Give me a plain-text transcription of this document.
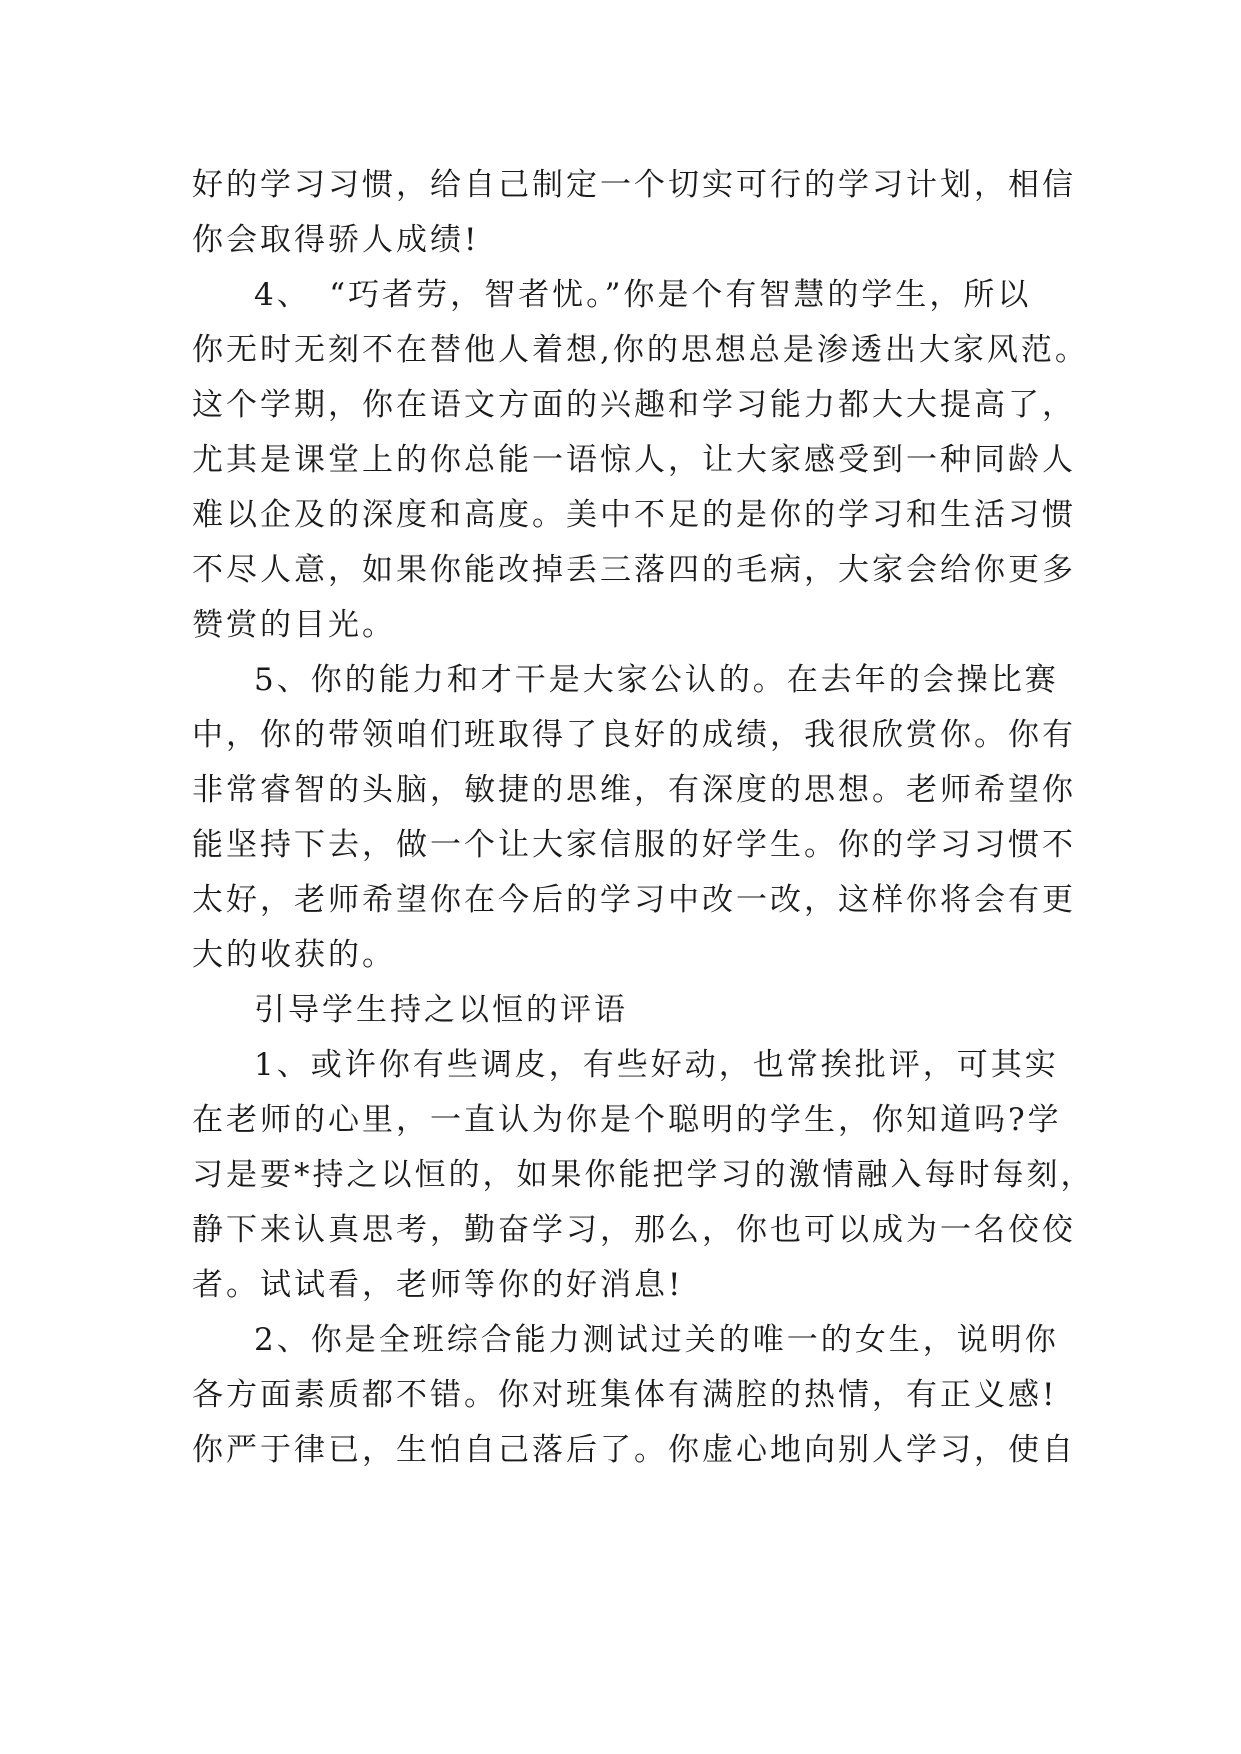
好的学习习惯，给自己制定一个切实可行的学习计划，相信
你会取得骄人成绩!
4、　“巧者劳，智者忧。”你是个有智慧的学生，所以
你无时无刻不在替他人着想,你的思想总是渗透出大家风范。
这个学期，你在语文方面的兴趣和学习能力都大大提高了，
尤其是课堂上的你总能一语惊人，让大家感受到一种同龄人
难以企及的深度和高度。美中不足的是你的学习和生活习惯
不尽人意，如果你能改掉丢三落四的毛病，大家会给你更多
赞赏的目光。
5、你的能力和才干是大家公认的。在去年的会操比赛
中，你的带领咱们班取得了良好的成绩，我很欣赏你。你有
非常睿智的头脑，敏捷的思维，有深度的思想。老师希望你
能坚持下去，做一个让大家信服的好学生。你的学习习惯不
太好，老师希望你在今后的学习中改一改，这样你将会有更
大的收获的。
引导学生持之以恒的评语
1、或许你有些调皮，有些好动，也常挨批评，可其实
在老师的心里，一直认为你是个聪明的学生，你知道吗?学
习是要*持之以恒的，如果你能把学习的激情融入每时每刻，
静下来认真思考，勤奋学习，那么，你也可以成为一名佼佼
者。试试看，老师等你的好消息!
2、你是全班综合能力测试过关的唯一的女生，说明你
各方面素质都不错。你对班集体有满腔的热情，有正义感!
你严于律已，生怕自己落后了。你虚心地向别人学习，使自
